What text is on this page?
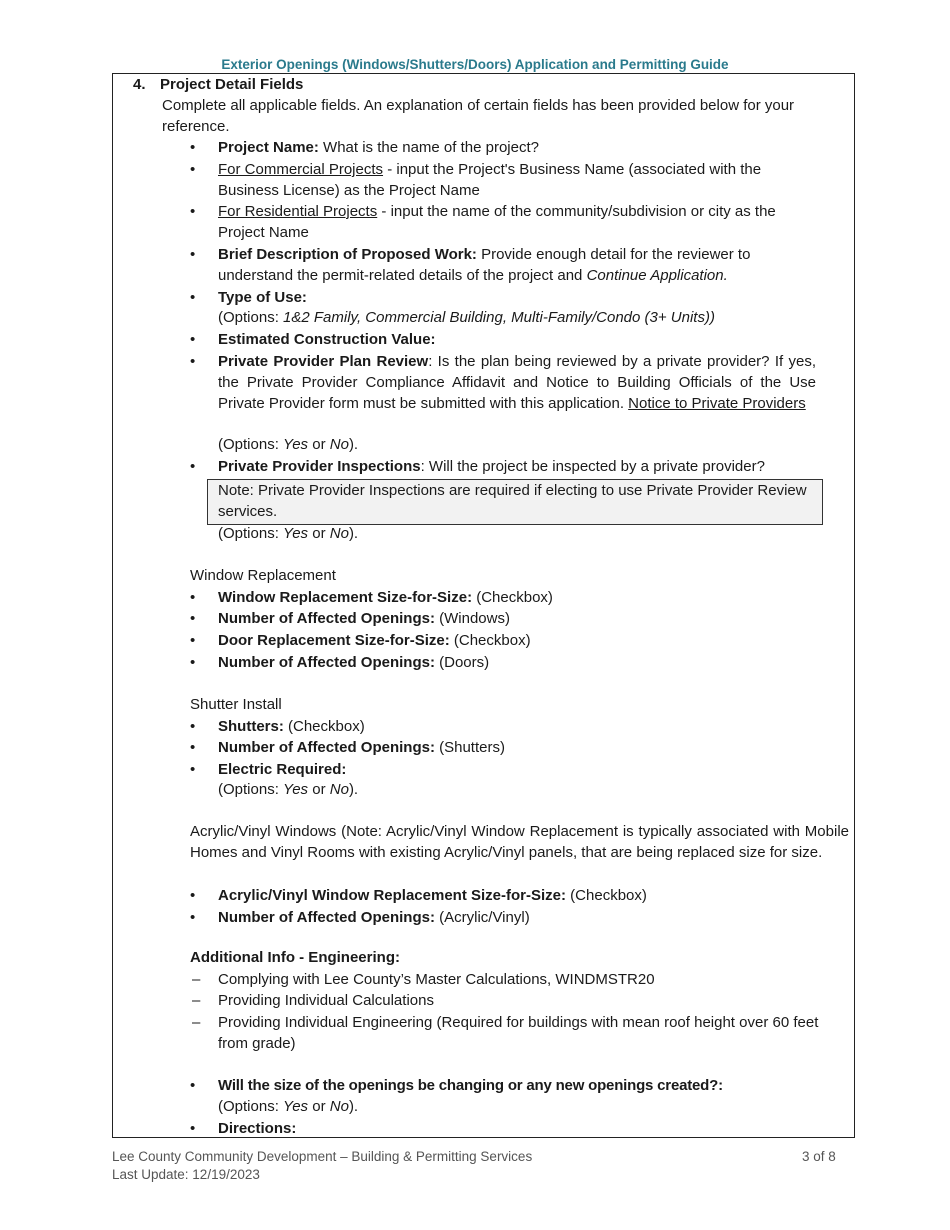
Exterior Openings (Windows/Shutters/Doors) Application and Permitting Guide
4. Project Detail Fields
Complete all applicable fields. An explanation of certain fields has been provided below for your reference.
•	Project Name: What is the name of the project?
•	For Commercial Projects - input the Project's Business Name (associated with the Business License) as the Project Name
•	For Residential Projects - input the name of the community/subdivision or city as the Project Name
•	Brief Description of Proposed Work: Provide enough detail for the reviewer to understand the permit-related details of the project and Continue Application.
•	Type of Use:
(Options: 1&2 Family, Commercial Building, Multi-Family/Condo (3+ Units))
•	Estimated Construction Value:
•	Private Provider Plan Review: Is the plan being reviewed by a private provider? If yes, the Private Provider Compliance Affidavit and Notice to Building Officials of the Use Private Provider form must be submitted with this application. Notice to Private Providers
(Options: Yes or No).
•	Private Provider Inspections: Will the project be inspected by a private provider?
Note: Private Provider Inspections are required if electing to use Private Provider Review services.
(Options: Yes or No).
Window Replacement
•	Window Replacement Size-for-Size: (Checkbox)
•	Number of Affected Openings: (Windows)
•	Door Replacement Size-for-Size: (Checkbox)
•	Number of Affected Openings: (Doors)
Shutter Install
•	Shutters: (Checkbox)
•	Number of Affected Openings: (Shutters)
•	Electric Required:
(Options: Yes or No).
Acrylic/Vinyl Windows (Note: Acrylic/Vinyl Window Replacement is typically associated with Mobile Homes and Vinyl Rooms with existing Acrylic/Vinyl panels, that are being replaced size for size.
•	Acrylic/Vinyl Window Replacement Size-for-Size: (Checkbox)
•	Number of Affected Openings: (Acrylic/Vinyl)
Additional Info - Engineering:
– Complying with Lee County’s Master Calculations, WINDMSTR20
– Providing Individual Calculations
– Providing Individual Engineering (Required for buildings with mean roof height over 60 feet from grade)
•	Will the size of the openings be changing or any new openings created?:
(Options: Yes or No).
•	Directions:
Lee County Community Development – Building & Permitting Services
Last Update: 12/19/2023
3 of 8
